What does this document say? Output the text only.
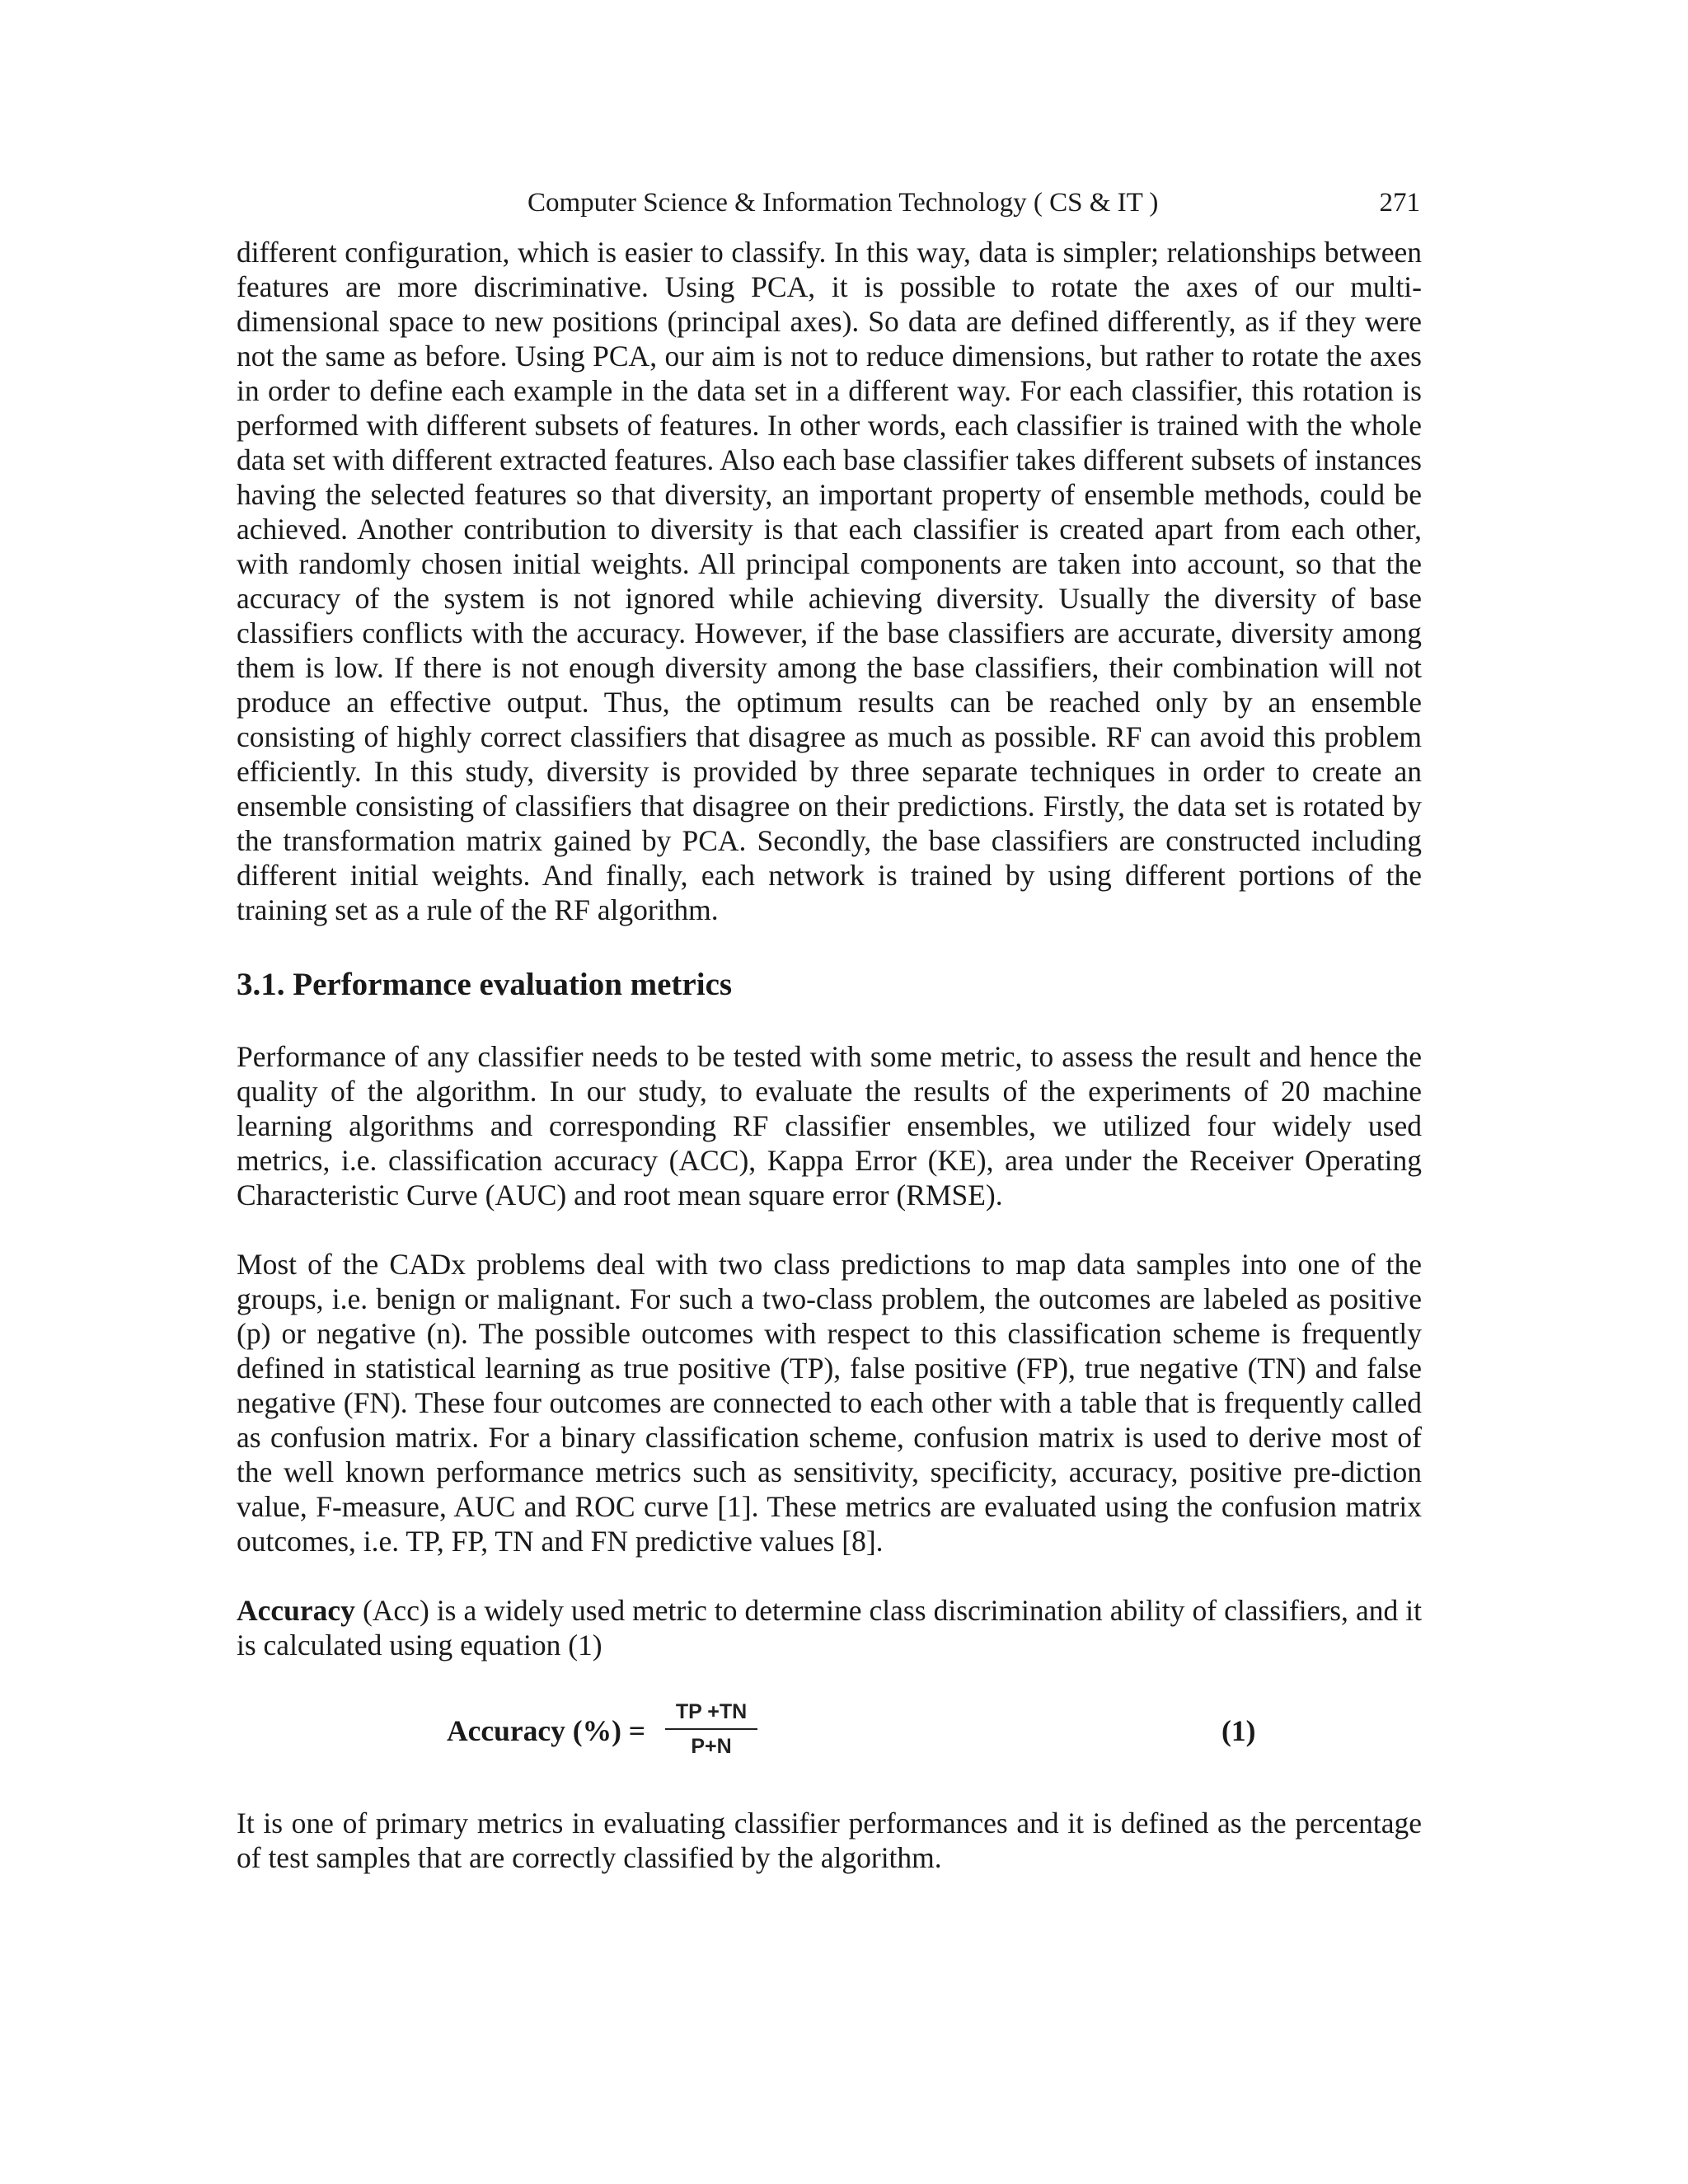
Computer Science & Information Technology ( CS & IT )	271

different configuration, which is easier to classify. In this way, data is simpler; relationships between features are more discriminative. Using PCA, it is possible to rotate the axes of our multi-dimensional space to new positions (principal axes). So data are defined differently, as if they were not the same as before. Using PCA, our aim is not to reduce dimensions, but rather to rotate the axes in order to define each example in the data set in a different way. For each classifier, this rotation is performed with different subsets of features. In other words, each classifier is trained with the whole data set with different extracted features. Also each base classifier takes different subsets of instances having the selected features so that diversity, an important property of ensemble methods, could be achieved. Another contribution to diversity is that each classifier is created apart from each other, with randomly chosen initial weights. All principal components are taken into account, so that the accuracy of the system is not ignored while achieving diversity. Usually the diversity of base classifiers conflicts with the accuracy. However, if the base classifiers are accurate, diversity among them is low. If there is not enough diversity among the base classifiers, their combination will not produce an effective output. Thus, the optimum results can be reached only by an ensemble consisting of highly correct classifiers that disagree as much as possible. RF can avoid this problem efficiently. In this study, diversity is provided by three separate techniques in order to create an ensemble consisting of classifiers that disagree on their predictions. Firstly, the data set is rotated by the transformation matrix gained by PCA. Secondly, the base classifiers are constructed including different initial weights. And finally, each network is trained by using different portions of the training set as a rule of the RF algorithm.

3.1. Performance evaluation metrics

Performance of any classifier needs to be tested with some metric, to assess the result and hence the quality of the algorithm. In our study, to evaluate the results of the experiments of 20 machine learning algorithms and corresponding RF classifier ensembles, we utilized four widely used metrics, i.e. classification accuracy (ACC), Kappa Error (KE), area under the Receiver Operating Characteristic Curve (AUC) and root mean square error (RMSE).

Most of the CADx problems deal with two class predictions to map data samples into one of the groups, i.e. benign or malignant. For such a two-class problem, the outcomes are labeled as positive (p) or negative (n). The possible outcomes with respect to this classification scheme is frequently defined in statistical learning as true positive (TP), false positive (FP), true negative (TN) and false negative (FN). These four outcomes are connected to each other with a table that is frequently called as confusion matrix. For a binary classification scheme, confusion matrix is used to derive most of the well known performance metrics such as sensitivity, specificity, accuracy, positive pre-diction value, F-measure, AUC and ROC curve [1]. These metrics are evaluated using the confusion matrix outcomes, i.e. TP, FP, TN and FN predictive values [8].

Accuracy (Acc) is a widely used metric to determine class discrimination ability of classifiers, and it is calculated using equation (1)

Accuracy (%) = $\frac{TP +TN}{P+N}$	(1)

It is one of primary metrics in evaluating classifier performances and it is defined as the percentage of test samples that are correctly classified by the algorithm.
